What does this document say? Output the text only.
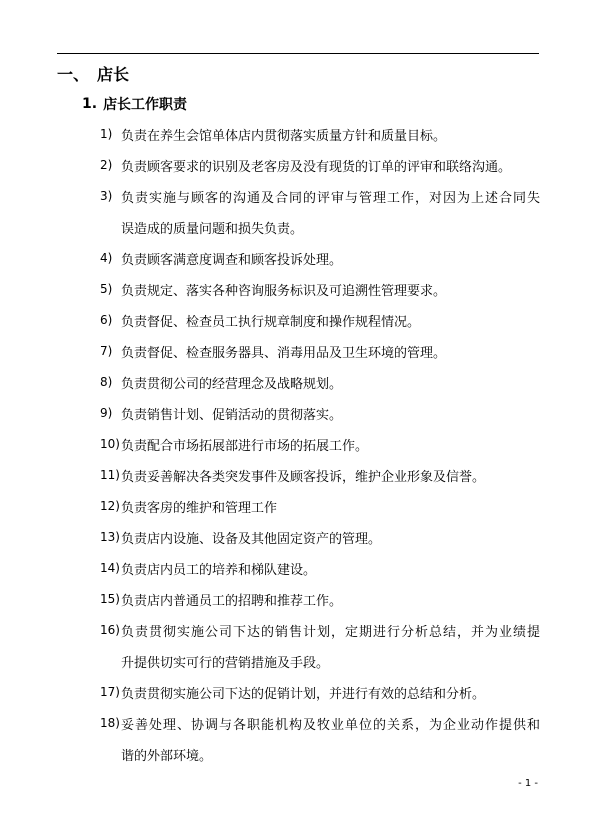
一、 店长
1. 店长工作职责
1) 负责在养生会馆单体店内贯彻落实质量方针和质量目标。
2) 负责顾客要求的识别及老客房及没有现货的订单的评审和联络沟通。
3) 负责实施与顾客的沟通及合同的评审与管理工作，对因为上述合同失
误造成的质量问题和损失负责。
4) 负责顾客满意度调查和顾客投诉处理。
5) 负责规定、落实各种咨询服务标识及可追溯性管理要求。
6) 负责督促、检查员工执行规章制度和操作规程情况。
7) 负责督促、检查服务器具、消毒用品及卫生环境的管理。
8) 负责贯彻公司的经营理念及战略规划。
9) 负责销售计划、促销活动的贯彻落实。
10) 负责配合市场拓展部进行市场的拓展工作。
11) 负责妥善解决各类突发事件及顾客投诉，维护企业形象及信誉。
12) 负责客房的维护和管理工作
13) 负责店内设施、设备及其他固定资产的管理。
14) 负责店内员工的培养和梯队建设。
15) 负责店内普通员工的招聘和推荐工作。
16) 负责贯彻实施公司下达的销售计划，定期进行分析总结，并为业绩提
升提供切实可行的营销措施及手段。
17) 负责贯彻实施公司下达的促销计划，并进行有效的总结和分析。
18) 妥善处理、协调与各职能机构及牧业单位的关系，为企业动作提供和
谐的外部环境。
- 1 -
